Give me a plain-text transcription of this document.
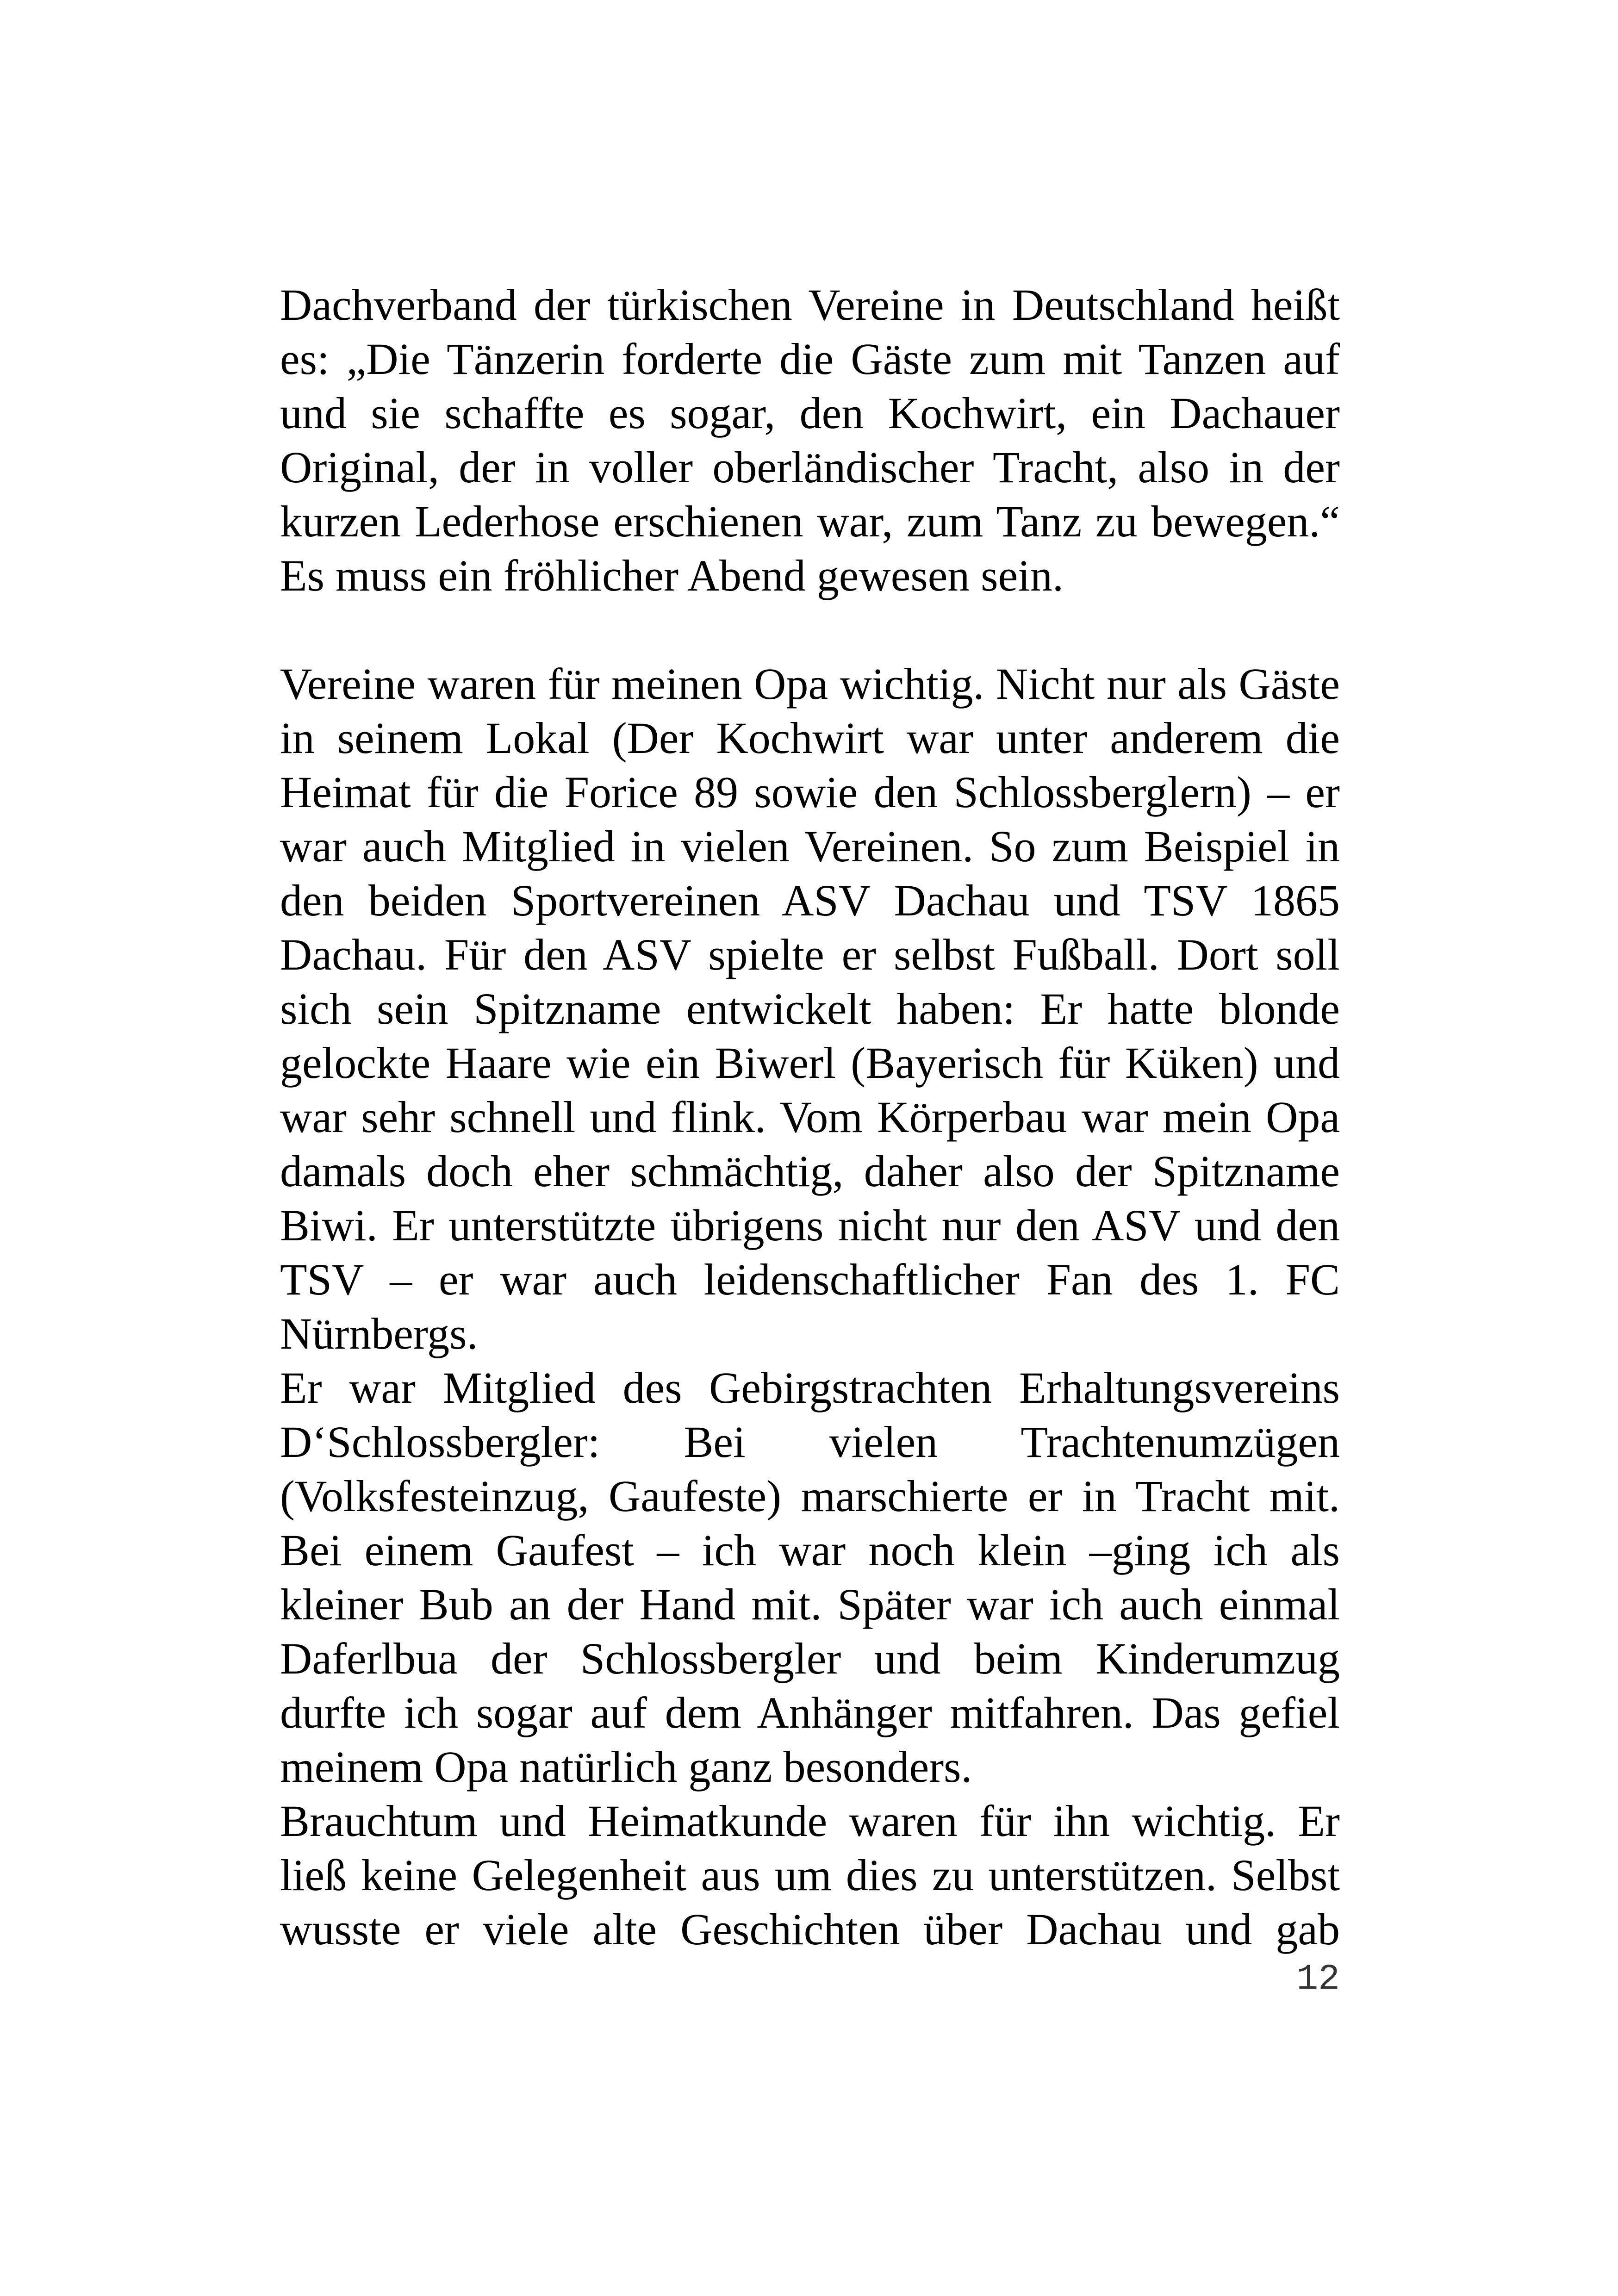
Dachverband der türkischen Vereine in Deutschland heißt es: „Die Tänzerin forderte die Gäste zum mit Tanzen auf und sie schaffte es sogar, den Kochwirt, ein Dachauer Original, der in voller oberländischer Tracht, also in der kurzen Lederhose erschienen war, zum Tanz zu bewegen.“ Es muss ein fröhlicher Abend gewesen sein.

Vereine waren für meinen Opa wichtig. Nicht nur als Gäste in seinem Lokal (Der Kochwirt war unter anderem die Heimat für die Forice 89 sowie den Schlossberglern) – er war auch Mitglied in vielen Vereinen. So zum Beispiel in den beiden Sportvereinen ASV Dachau und TSV 1865 Dachau. Für den ASV spielte er selbst Fußball. Dort soll sich sein Spitzname entwickelt haben: Er hatte blonde gelockte Haare wie ein Biwerl (Bayerisch für Küken) und war sehr schnell und flink. Vom Körperbau war mein Opa damals doch eher schmächtig, daher also der Spitzname Biwi. Er unterstützte übrigens nicht nur den ASV und den TSV – er war auch leidenschaftlicher Fan des 1. FC Nürnbergs.

Er war Mitglied des Gebirgstrachten Erhaltungsvereins D‘Schlossbergler: Bei vielen Trachtenumzügen (Volksfesteinzug, Gaufeste) marschierte er in Tracht mit. Bei einem Gaufest – ich war noch klein –ging ich als kleiner Bub an der Hand mit. Später war ich auch einmal Daferlbua der Schlossbergler und beim Kinderumzug durfte ich sogar auf dem Anhänger mitfahren. Das gefiel meinem Opa natürlich ganz besonders.

Brauchtum und Heimatkunde waren für ihn wichtig. Er ließ keine Gelegenheit aus um dies zu unterstützen. Selbst wusste er viele alte Geschichten über Dachau und gab

12
